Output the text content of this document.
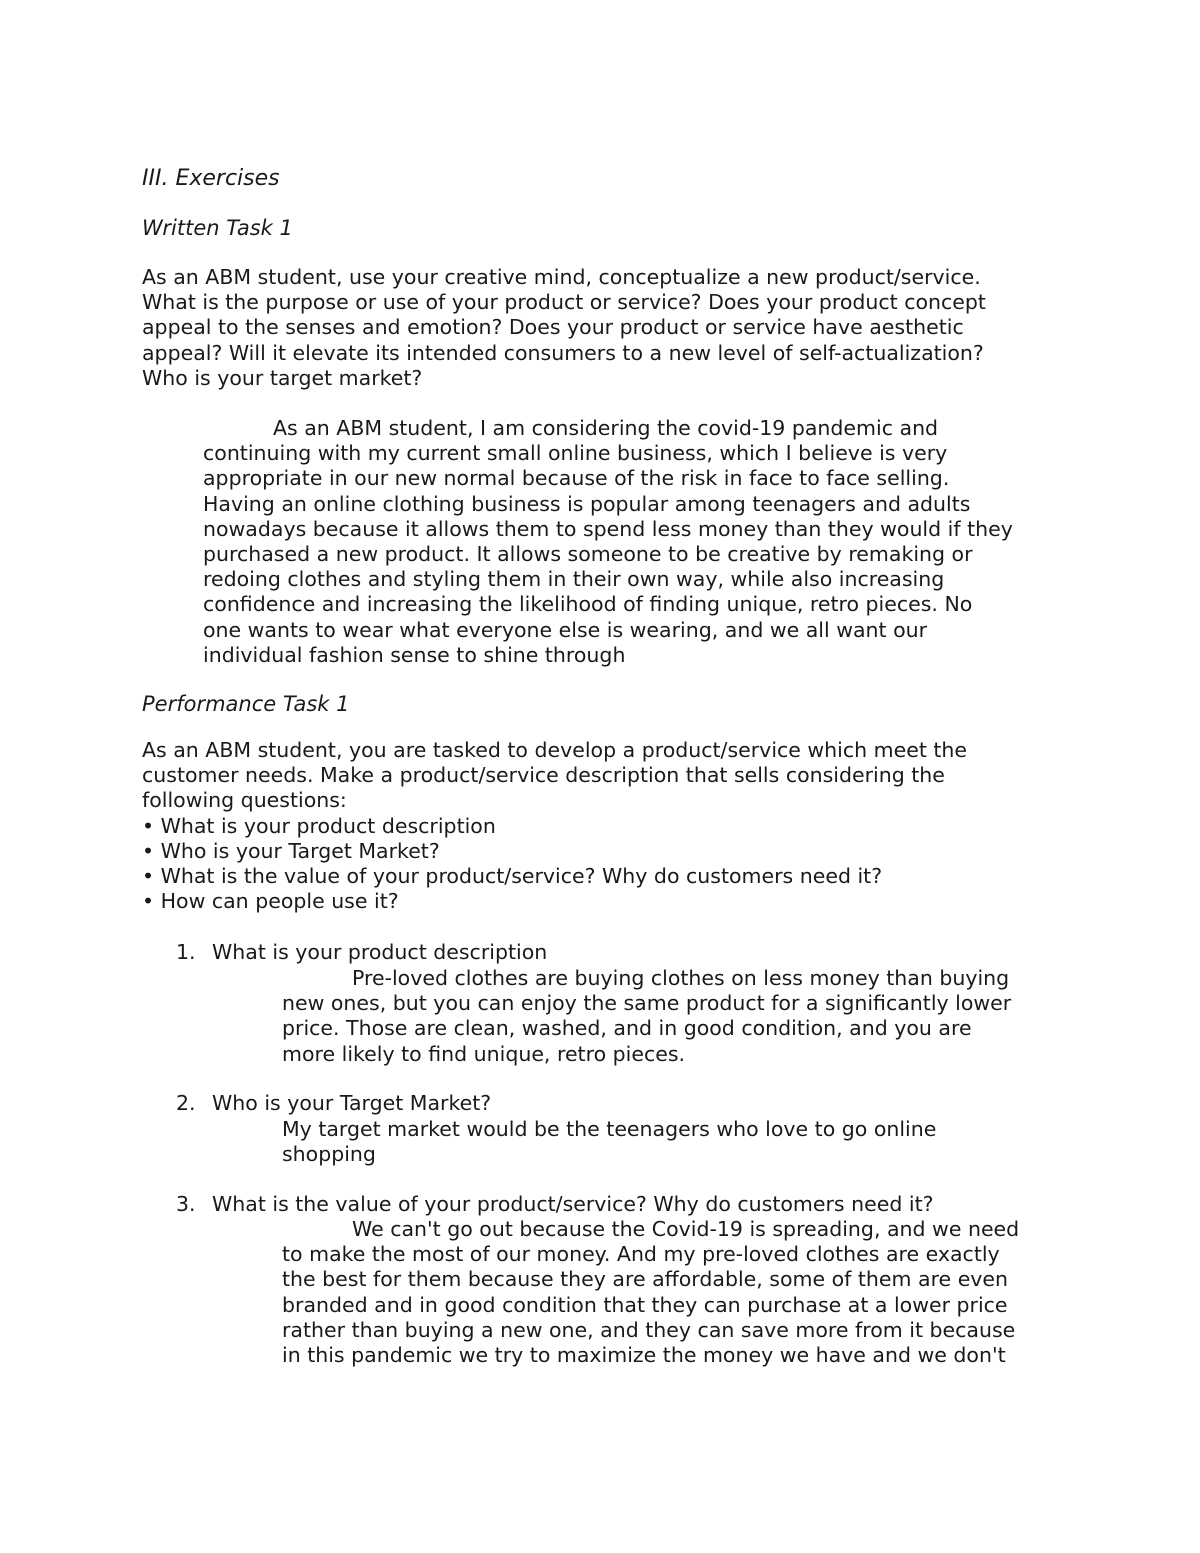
III. Exercises
Written Task 1
As an ABM student, use your creative mind, conceptualize a new product/service.
What is the purpose or use of your product or service? Does your product concept
appeal to the senses and emotion? Does your product or service have aesthetic
appeal? Will it elevate its intended consumers to a new level of self-actualization?
Who is your target market?
As an ABM student, I am considering the covid-19 pandemic and
continuing with my current small online business, which I believe is very
appropriate in our new normal because of the risk in face to face selling.
Having an online clothing business is popular among teenagers and adults
nowadays because it allows them to spend less money than they would if they
purchased a new product. It allows someone to be creative by remaking or
redoing clothes and styling them in their own way, while also increasing
confidence and increasing the likelihood of finding unique, retro pieces. No
one wants to wear what everyone else is wearing, and we all want our
individual fashion sense to shine through
Performance Task 1
As an ABM student, you are tasked to develop a product/service which meet the
customer needs. Make a product/service description that sells considering the
following questions:
• What is your product description
• Who is your Target Market?
• What is the value of your product/service? Why do customers need it?
• How can people use it?
1. What is your product description
Pre-loved clothes are buying clothes on less money than buying
new ones, but you can enjoy the same product for a significantly lower
price. Those are clean, washed, and in good condition, and you are
more likely to find unique, retro pieces.
2. Who is your Target Market?
My target market would be the teenagers who love to go online
shopping
3. What is the value of your product/service? Why do customers need it?
We can't go out because the Covid-19 is spreading, and we need
to make the most of our money. And my pre-loved clothes are exactly
the best for them because they are affordable, some of them are even
branded and in good condition that they can purchase at a lower price
rather than buying a new one, and they can save more from it because
in this pandemic we try to maximize the money we have and we don't
